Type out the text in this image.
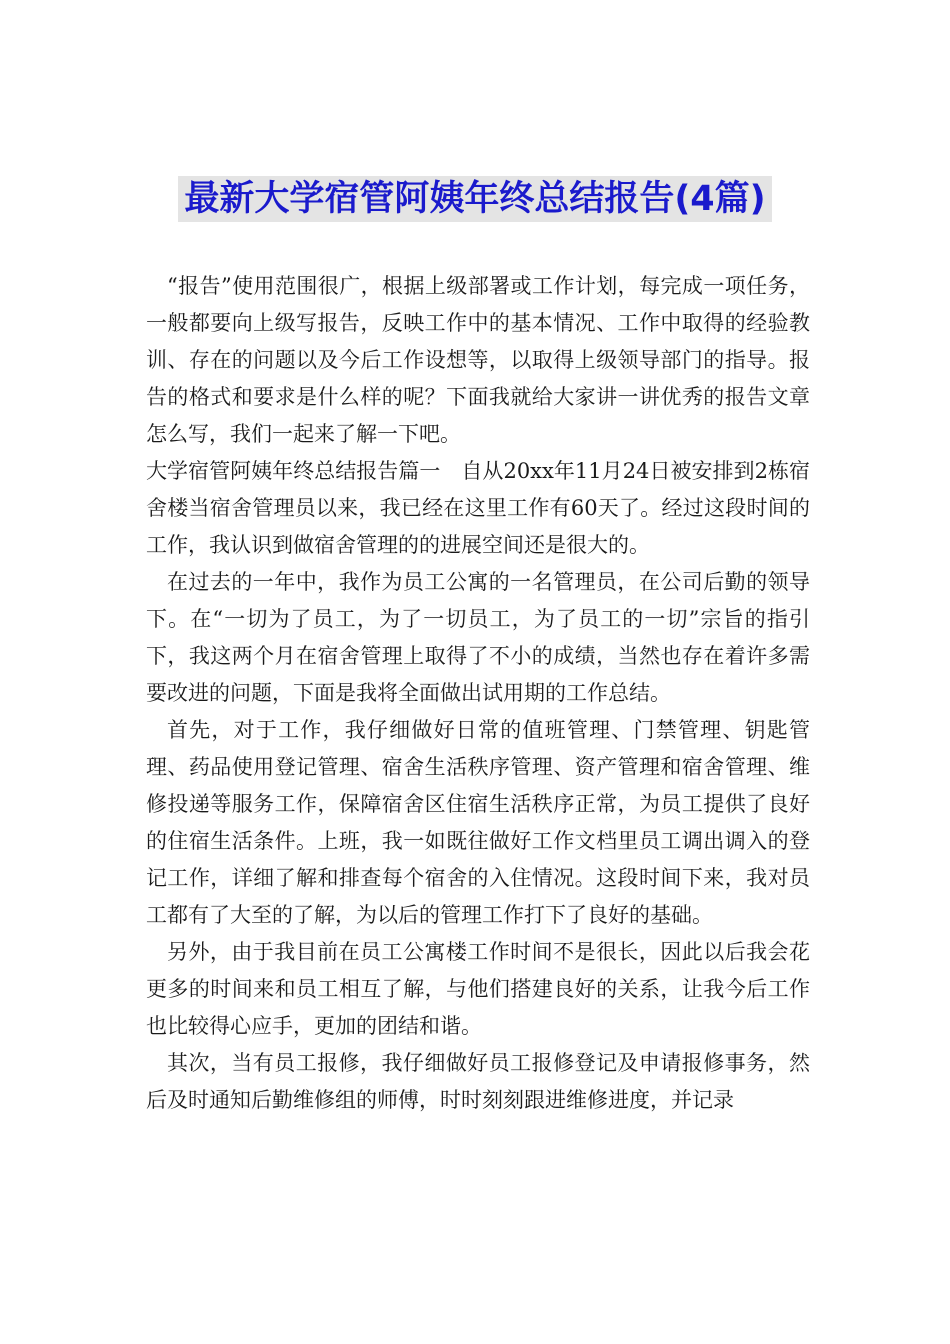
最新大学宿管阿姨年终总结报告(4篇)

“报告”使用范围很广，根据上级部署或工作计划，每完成一项任务，一般都要向上级写报告，反映工作中的基本情况、工作中取得的经验教训、存在的问题以及今后工作设想等，以取得上级领导部门的指导。报告的格式和要求是什么样的呢？下面我就给大家讲一讲优秀的报告文章怎么写，我们一起来了解一下吧。

大学宿管阿姨年终总结报告篇一　自从20xx年11月24日被安排到2栋宿舍楼当宿舍管理员以来，我已经在这里工作有60天了。经过这段时间的工作，我认识到做宿舍管理的的进展空间还是很大的。

在过去的一年中，我作为员工公寓的一名管理员，在公司后勤的领导下。在“一切为了员工，为了一切员工，为了员工的一切”宗旨的指引下，我这两个月在宿舍管理上取得了不小的成绩，当然也存在着许多需要改进的问题，下面是我将全面做出试用期的工作总结。

首先，对于工作，我仔细做好日常的值班管理、门禁管理、钥匙管理、药品使用登记管理、宿舍生活秩序管理、资产管理和宿舍管理、维修投递等服务工作，保障宿舍区住宿生活秩序正常，为员工提供了良好的住宿生活条件。上班，我一如既往做好工作文档里员工调出调入的登记工作，详细了解和排查每个宿舍的入住情况。这段时间下来，我对员工都有了大至的了解，为以后的管理工作打下了良好的基础。

另外，由于我目前在员工公寓楼工作时间不是很长，因此以后我会花更多的时间来和员工相互了解，与他们搭建良好的关系，让我今后工作也比较得心应手，更加的团结和谐。

其次，当有员工报修，我仔细做好员工报修登记及申请报修事务，然后及时通知后勤维修组的师傅，时时刻刻跟进维修进度，并记录
